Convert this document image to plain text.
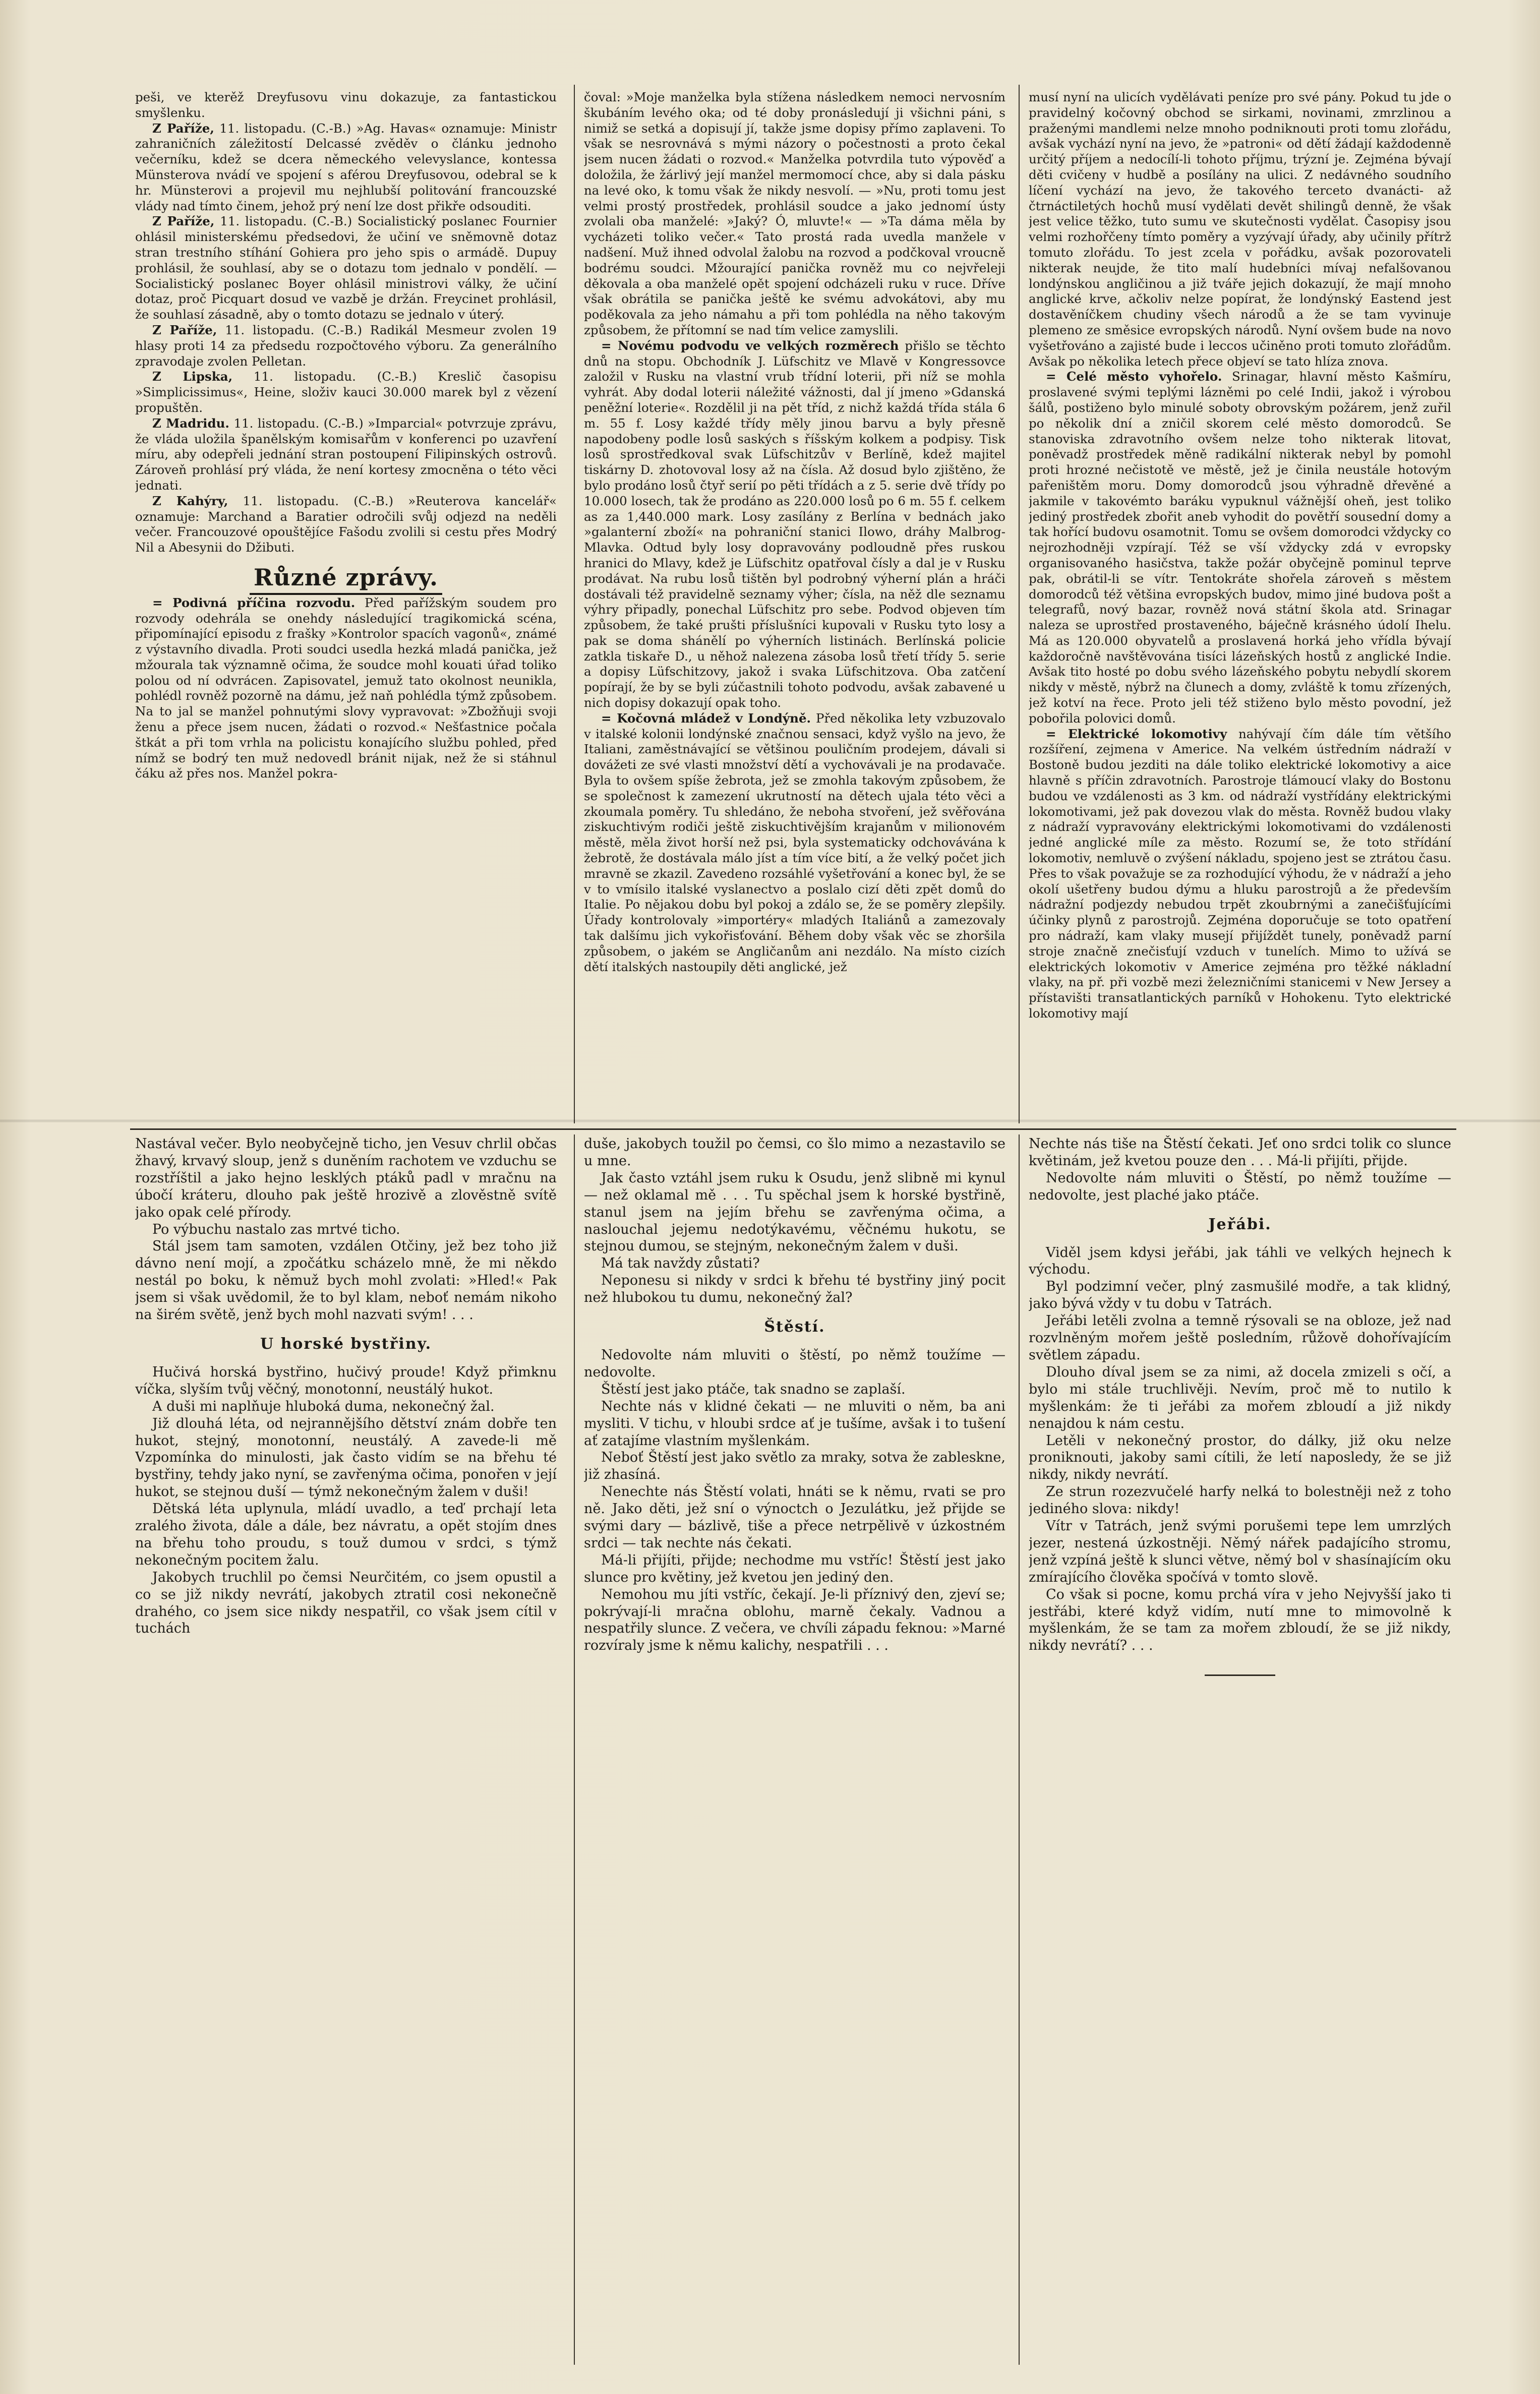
peši, ve kterěž Dreyfusovu vinu dokazuje, za fantastickou smyšlenku.

Z Paříže, 11. listopadu. (C.-B.) »Ag. Havas« oznamuje: Ministr zahraničních záležitostí Delcassé zvěděv o článku jednoho večerníku, kdež se dcera německého velevyslance, kontessa Münsterova nvádí ve spojení s aférou Dreyfusovou, odebral se k hr. Münsterovi a projevil mu nejhlubší politování francouzské vlády nad tímto činem, jehož prý není lze dost přikře odsouditi.

Z Paříže, 11. listopadu. (C.-B.) Socialistický poslanec Fournier ohlásil ministerskému předsedovi, že učiní ve sněmovně dotaz stran trestního stíhání Gohiera pro jeho spis o armádě. Dupuy prohlásil, že souhlasí, aby se o dotazu tom jednalo v pondělí. — Socialistický poslanec Boyer ohlásil ministrovi války, že učiní dotaz, proč Picquart dosud ve vazbě je držán. Freycinet prohlásil, že souhlasí zásadně, aby o tomto dotazu se jednalo v úterý.

Z Paříže, 11. listopadu. (C.-B.) Radikál Mesmeur zvolen 19 hlasy proti 14 za předsedu rozpočtového výboru. Za generálního zpravodaje zvolen Pelletan.

Z Lipska, 11. listopadu. (C.-B.) Kreslič časopisu »Simplicissimus«, Heine, složiv kauci 30.000 marek byl z vězení propuštěn.

Z Madridu. 11. listopadu. (C.-B.) »Imparcial« potvrzuje zprávu, že vláda uložila španělským komisařům v konferenci po uzavření míru, aby odepřeli jednání stran postoupení Filipinských ostrovů. Zároveň prohlásí prý vláda, že není kortesy zmocněna o této věci jednati.

Z Kahýry, 11. listopadu. (C.-B.) »Reuterova kancelář« oznamuje: Marchand a Baratier odročili svůj odjezd na neděli večer. Francouzové opouštějíce Fašodu zvolili si cestu přes Modrý Nil a Abesynii do Džibuti.

Různé zprávy.

= Podivná příčina rozvodu. Před pařížským soudem pro rozvody odehrála se onehdy následující tragikomická scéna, připomínající episodu z frašky »Kontrolor spacích vagonů«, známé z výstavního divadla. Proti soudci usedla hezká mladá panička, jež mžourala tak významně očima, že soudce mohl kouati úřad toliko polou od ní odvrácen. Zapisovatel, jemuž tato okolnost neunikla, pohlédl rovněž pozorně na dámu, jež naň pohlédla týmž způsobem. Na to jal se manžel pohnutými slovy vypravovat: »Zbožňuji svoji ženu a přece jsem nucen, žádati o rozvod.« Nešťastnice počala štkát a při tom vrhla na policistu konajícího službu pohled, před nímž se bodrý ten muž nedovedl bránit nijak, než že si stáhnul čáku až přes nos. Manžel pokra-

čoval: »Moje manželka byla stížena následkem nemoci nervosním škubáním levého oka; od té doby pronásledují ji všichni páni, s nimiž se setká a dopisují jí, takže jsme dopisy přímo zaplaveni. To však se nesrovnává s mými názory o počestnosti a proto čekal jsem nucen žádati o rozvod.« Manželka potvrdila tuto výpověď a doložila, že žárlivý její manžel mermomocí chce, aby si dala pásku na levé oko, k tomu však že nikdy nesvolí. — »Nu, proti tomu jest velmi prostý prostředek, prohlásil soudce a jako jednomí ústy zvolali oba manželé: »Jaký? Ó, mluvte!« — »Ta dáma měla by vycházeti toliko večer.« Tato prostá rada uvedla manžele v nadšení. Muž ihned odvolal žalobu na rozvod a podčkoval vroucně bodrému soudci. Mžourající panička rovněž mu co nejvřeleji děkovala a oba manželé opět spojení odcházeli ruku v ruce. Dříve však obrátila se panička ještě ke svému advokátovi, aby mu poděkovala za jeho námahu a při tom pohlédla na něho takovým způsobem, že přítomní se nad tím velice zamyslili.

= Novému podvodu ve velkých rozměrech přišlo se těchto dnů na stopu. Obchodník J. Lüfschitz ve Mlavě v Kongressovce založil v Rusku na vlastní vrub třídní loterii, při níž se mohla vyhrát. Aby dodal loterii náležité vážnosti, dal jí jmeno »Gdanská peněžní loterie«. Rozdělil ji na pět tříd, z nichž každá třída stála 6 m. 55 f. Losy každé třídy měly jinou barvu a byly přesně napodobeny podle losů saských s říšským kolkem a podpisy. Tisk losů sprostředkoval svak Lüfschitzův v Berlíně, kdež majitel tiskárny D. zhotovoval losy až na čísla. Až dosud bylo zjištěno, že bylo prodáno losů čtyř serií po pěti třídách a z 5. serie dvě třídy po 10.000 losech, tak že prodáno as 220.000 losů po 6 m. 55 f. celkem as za 1,440.000 mark. Losy zasílány z Berlína v bednách jako »galanterní zboží« na pohraniční stanici Ilowo, dráhy Malbrog-Mlavka. Odtud byly losy dopravovány podloudně přes ruskou hranici do Mlavy, kdež je Lüfschitz opatřoval čísly a dal je v Rusku prodávat. Na rubu losů tištěn byl podrobný výherní plán a hráči dostávali též pravidelně seznamy výher; čísla, na něž dle seznamu výhry připadly, ponechal Lüfschitz pro sebe. Podvod objeven tím způsobem, že také prušti příslušníci kupovali v Rusku tyto losy a pak se doma shánělí po výherních listinách. Berlínská policie zatkla tiskaře D., u něhož nalezena zásoba losů třetí třídy 5. serie a dopisy Lüfschitzovy, jakož i svaka Lüfschitzova. Oba zatčení popírají, že by se byli zúčastnili tohoto podvodu, avšak zabavené u nich dopisy dokazují opak toho.

= Kočovná mládež v Londýně. Před několika lety vzbuzovalo v italské kolonii londýnské značnou sensaci, když vyšlo na jevo, že Italiani, zaměstnávající se většinou pouličním prodejem, dávali si dovážeti ze své vlasti množství dětí a vychovávali je na prodavače. Byla to ovšem spíše žebrota, jež se zmohla takovým způsobem, že se společnost k zamezení ukrutností na dětech ujala této věci a zkoumala poměry. Tu shledáno, že neboha stvoření, jež svěřována ziskuchtivým rodiči ještě ziskuchtivějším krajanům v milionovém městě, měla život horší než psi, byla systematicky odchovávána k žebrotě, že dostávala málo jíst a tím více bití, a že velký počet jich mravně se zkazil. Zavedeno rozsáhlé vyšetřování a konec byl, že se v to vmísilo italské vyslanectvo a poslalo cizí děti zpět domů do Italie. Po nějakou dobu byl pokoj a zdálo se, že se poměry zlepšily. Úřady kontrolovaly »importéry« mladých Italiánů a zamezovaly tak dalšímu jich vykořisťování. Během doby však věc se zhoršila způsobem, o jakém se Angličanům ani nezdálo. Na místo cizích dětí italských nastoupily děti anglické, jež

musí nyní na ulicích vydělávati peníze pro své pány. Pokud tu jde o pravidelný kočovný obchod se sirkami, novinami, zmrzlinou a praženými mandlemi nelze mnoho podniknouti proti tomu zlořádu, avšak vychází nyní na jevo, že »patroni« od dětí žádají každodenně určitý příjem a nedocílí-li tohoto příjmu, trýzní je. Zejména bývají děti cvičeny v hudbě a posílány na ulici. Z nedávného soudního líčení vychází na jevo, že takového terceto dvanácti- až čtrnáctiletých hochů musí vydělati devět shilingů denně, že však jest velice těžko, tuto sumu ve skutečnosti vydělat. Časopisy jsou velmi rozhořčeny tímto poměry a vyzývají úřady, aby učinily přítrž tomuto zlořádu. To jest zcela v pořádku, avšak pozorovateli nikterak neujde, že tito malí hudebníci mívaj nefalšovanou londýnskou angličinou a již tváře jejich dokazují, že mají mnoho anglické krve, ačkoliv nelze popírat, že londýnský Eastend jest dostavěníčkem chudiny všech národů a že se tam vyvinuje plemeno ze směsice evropských národů. Nyní ovšem bude na novo vyšetřováno a zajisté bude i leccos učiněno proti tomuto zlořádům. Avšak po několika letech přece objeví se tato hlíza znova.

= Celé město vyhořelo. Srinagar, hlavní město Kašmíru, proslavené svými teplými lázněmi po celé Indii, jakož i výrobou šálů, postiženo bylo minulé soboty obrovským požárem, jenž zuřil po několik dní a zničil skorem celé město domorodců. Se stanoviska zdravotního ovšem nelze toho nikterak litovat, poněvadž prostředek měně radikální nikterak nebyl by pomohl proti hrozné nečistotě ve městě, jež je činila neustále hotovým pařeništěm moru. Domy domorodců jsou výhradně dřevěné a jakmile v takovémto baráku vypuknul vážnější oheň, jest toliko jediný prostředek zbořit aneb vyhodit do povětří sousední domy a tak hořící budovu osamotnit. Tomu se ovšem domorodci vždycky co nejrozhodněji vzpírají. Též se vší vždycky zdá v evropsky organisovaného hasičstva, takže požár obyčejně pominul teprve pak, obrátil-li se vítr. Tentokráte shořela zároveň s městem domorodců též většina evropských budov, mimo jiné budova pošt a telegrafů, nový bazar, rovněž nová státní škola atd. Srinagar naleza se uprostřed prostaveného, báječně krásného údolí Ihelu. Má as 120.000 obyvatelů a proslavená horká jeho vřídla bývají každoročně navštěvována tisíci lázeňských hostů z anglické Indie. Avšak tito hosté po dobu svého lázeňského pobytu nebydlí skorem nikdy v městě, nýbrž na člunech a domy, zvláště k tomu zřízených, jež kotví na řece. Proto jeli též stiženo bylo město povodní, jež pobořila polovici domů.

= Elektrické lokomotivy nahývají čím dále tím většího rozšíření, zejmena v Americe. Na velkém ústředním nádraží v Bostoně budou jezditi na dále toliko elektrické lokomotivy a aice hlavně s příčin zdravotních. Parostroje tlámoucí vlaky do Bostonu budou ve vzdálenosti as 3 km. od nádraží vystřídány elektrickými lokomotivami, jež pak dovezou vlak do města. Rovněž budou vlaky z nádraží vypravovány elektrickými lokomotivami do vzdálenosti jedné anglické míle za město. Rozumí se, že toto střídání lokomotiv, nemluvě o zvýšení nákladu, spojeno jest se ztrátou času. Přes to však považuje se za rozhodující výhodu, že v nádraží a jeho okolí ušetřeny budou dýmu a hluku parostrojů a že především nádražní podjezdy nebudou trpět zkoubrnými a zanečišťujícími účinky plynů z parostrojů. Zejména doporučuje se toto opatření pro nádraží, kam vlaky musejí přijíždět tunely, poněvadž parní stroje značně znečisťují vzduch v tunelích. Mimo to užívá se elektrických lokomotiv v Americe zejména pro těžké nákladní vlaky, na př. při vozbě mezi železničními stanicemi v New Jersey a přístavišti transatlantických parníků v Hohokenu. Tyto elektrické lokomotivy mají

Nastával večer. Bylo neobyčejně ticho, jen Vesuv chrlil občas žhavý, krvavý sloup, jenž s duněním rachotem ve vzduchu se rozstříštil a jako hejno lesklých ptáků padl v mračnu na úbočí kráteru, dlouho pak ještě hrozivě a zlověstně svítě jako opak celé přírody.

Po výbuchu nastalo zas mrtvé ticho.

Stál jsem tam samoten, vzdálen Otčiny, jež bez toho již dávno není mojí, a zpočátku scházelo mně, že mi někdo nestál po boku, k němuž bych mohl zvolati: »Hled!« Pak jsem si však uvědomil, že to byl klam, neboť nemám nikoho na širém světě, jenž bych mohl nazvati svým! . . .

U horské bystřiny.

Hučivá horská bystřino, hučivý proude! Když přimknu víčka, slyším tvůj věčný, monotonní, neustálý hukot.

A duši mi naplňuje hluboká duma, nekonečný žal.

Již dlouhá léta, od nejrannějšího dětství znám dobře ten hukot, stejný, monotonní, neustálý. A zavede-li mě Vzpomínka do minulosti, jak často vidím se na břehu té bystřiny, tehdy jako nyní, se zavřenýma očima, ponořen v její hukot, se stejnou duší — týmž nekonečným žalem v duši!

Dětská léta uplynula, mládí uvadlo, a teď prchají leta zralého života, dále a dále, bez návratu, a opět stojím dnes na břehu toho proudu, s touž dumou v srdci, s týmž nekonečným pocitem žalu.

Jakobych truchlil po čemsi Neurčitém, co jsem opustil a co se již nikdy nevrátí, jakobych ztratil cosi nekonečně drahého, co jsem sice nikdy nespatřil, co však jsem cítil v tuchách

duše, jakobych toužil po čemsi, co šlo mimo a nezastavilo se u mne.

Jak často vztáhl jsem ruku k Osudu, jenž slibně mi kynul — než oklamal mě . . . Tu spěchal jsem k horské bystřině, stanul jsem na jejím břehu se zavřenýma očima, a naslouchal jejemu nedotýkavému, věčnému hukotu, se stejnou dumou, se stejným, nekonečným žalem v duši.

Má tak navždy zůstati?

Neponesu si nikdy v srdci k břehu té bystřiny jiný pocit než hlubokou tu dumu, nekonečný žal?

Štěstí.

Nedovolte nám mluviti o štěstí, po němž toužíme — nedovolte.

Štěstí jest jako ptáče, tak snadno se zaplaší.

Nechte nás v klidné čekati — ne mluviti o něm, ba ani mysliti. V tichu, v hloubi srdce ať je tušíme, avšak i to tušení ať zatajíme vlastním myšlenkám.

Neboť Štěstí jest jako světlo za mraky, sotva že zablesknе, již zhasíná.

Nenechte nás Štěstí volati, hnáti se k němu, rvati se pro ně. Jako děti, jež sní o výnoctch o Jezulátku, jež přijde se svými dary — bázlivě, tiše a přece netrpělivě v úzkostném srdci — tak nechte nás čekati.

Má-li přijíti, přijde; nechodme mu vstříc! Štěstí jest jako slunce pro květiny, jež kvetou jen jediný den.

Nemohou mu jíti vstříc, čekají. Je-li příznivý den, zjeví se; pokrývají-li mračna oblohu, marně čekaly. Vadnou a nespatřily slunce. Z večera, ve chvíli západu feknou: »Marné rozvíraly jsme k němu kalichy, nespatřili . . .

Nechte nás tiše na Štěstí čekati. Jeť ono srdci tolik co slunce květinám, jež kvetou pouze den . . . Má-li přijíti, přijde.

Nedovolte nám mluviti o Štěstí, po němž toužíme — nedovolte, jest plaché jako ptáče.

Jeřábi.

Viděl jsem kdysi jeřábi, jak táhli ve velkých hejnech k východu.

Byl podzimní večer, plný zasmušilé modře, a tak klidný, jako bývá vždy v tu dobu v Tatrách.

Jeřábi letěli zvolna a temně rýsovali se na obloze, jež nad rozvlněným mořem ještě posledním, růžově dohořívajícím světlem západu.

Dlouho díval jsem se za nimi, až docela zmizeli s očí, a bylo mi stále truchlivěji. Nevím, proč mě to nutilo k myšlenkám: že ti jeřábi za mořem zbloudí a již nikdy nenajdou k nám cestu.

Letěli v nekonečný prostor, do dálky, již oku nelze proniknouti, jakoby sami cítili, že letí naposledy, že se již nikdy, nikdy nevrátí.

Ze strun rozezvučelé harfy nelká to bolestněji než z toho jediného slova: nikdy!

Vítr v Tatrách, jenž svými porušemi tepe lem umrzlých jezer, nestená úzkostněji. Němý nářek padajícího stromu, jenž vzpíná ještě k slunci větve, němý bol v shasínajícím oku zmírajícího člověka spočívá v tomto slově.

Co však si pocne, komu prchá víra v jeho Nejvyšší jako ti jestřábi, které když vidím, nutí mne to mimovolně k myšlenkám, že se tam za mořem zbloudí, že se již nikdy, nikdy nevrátí? . . .
